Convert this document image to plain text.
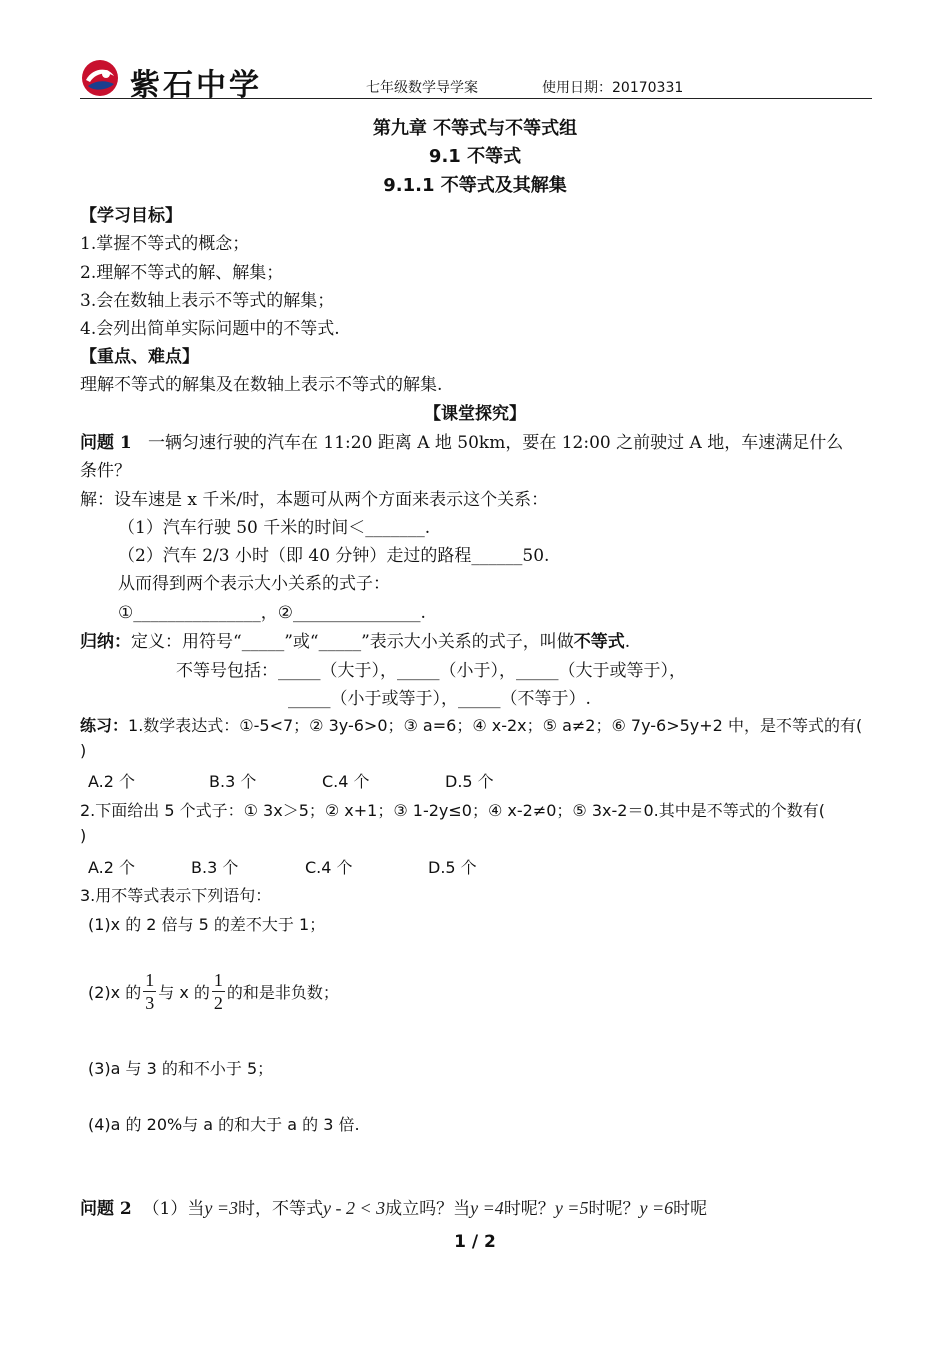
紫石中学	七年级数学导学案	使用日期：20170331
第九章 不等式与不等式组
9.1 不等式
9.1.1 不等式及其解集
【学习目标】
1.掌握不等式的概念；
2.理解不等式的解、解集；
3.会在数轴上表示不等式的解集；
4.会列出简单实际问题中的不等式.
【重点、难点】
理解不等式的解集及在数轴上表示不等式的解集.
【课堂探究】
问题 1 一辆匀速行驶的汽车在 11:20 距离 A 地 50km，要在 12:00 之前驶过 A 地，车速满足什么
条件？
解：设车速是 x 千米/时，本题可从两个方面来表示这个关系：
（1）汽车行驶 50 千米的时间＜_______.
（2）汽车 2/3 小时（即 40 分钟）走过的路程______50.
从而得到两个表示大小关系的式子：
①_______________，②_______________.
归纳：定义：用符号“_____”或“_____”表示大小关系的式子，叫做不等式.
不等号包括：_____（大于），_____（小于），_____（大于或等于），
_____（小于或等于），_____（不等于）.
练习：1.数学表达式：①-5<7；② 3y-6>0；③ a=6；④ x-2x；⑤ a≠2；⑥ 7y-6>5y+2 中，是不等式的有(
)
A.2 个	B.3 个	C.4 个	D.5 个
2.下面给出 5 个式子：① 3x＞5；② x+1；③ 1-2y≤0；④ x-2≠0；⑤ 3x-2＝0.其中是不等式的个数有(
)
A.2 个	B.3 个	C.4 个	D.5 个
3.用不等式表示下列语句：
(1)x 的 2 倍与 5 的差不大于 1；
(2)x 的 $\frac{1}{3}$ 与 x 的 $\frac{1}{2}$ 的和是非负数；
(3)a 与 3 的和不小于 5；
(4)a 的 20%与 a 的和大于 a 的 3 倍.
问题 2 （1）当y =3时，不等式y - 2 < 3成立吗？当y =4时呢？y =5时呢？y =6时呢
1 / 2
